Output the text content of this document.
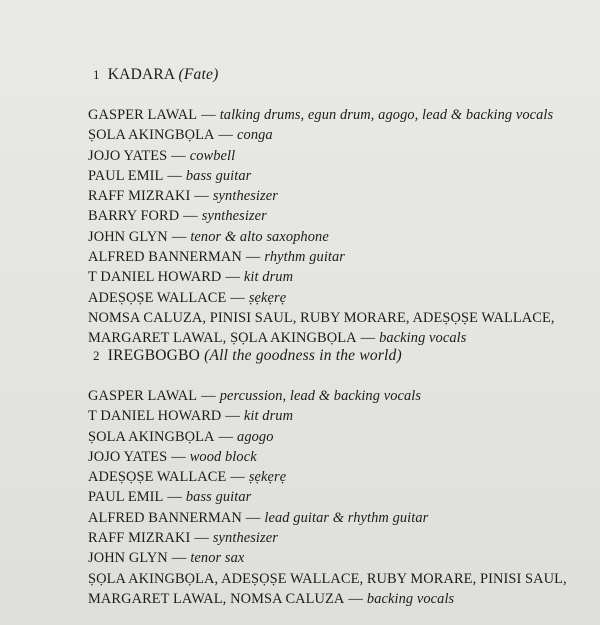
1 KADARA (Fate)
GASPER LAWAL — talking drums, egun drum, agogo, lead & backing vocals
ṢOLA AKINGBỌLA — conga
JOJO YATES — cowbell
PAUL EMIL — bass guitar
RAFF MIZRAKI — synthesizer
BARRY FORD — synthesizer
JOHN GLYN — tenor & alto saxophone
ALFRED BANNERMAN — rhythm guitar
T DANIEL HOWARD — kit drum
ADEṢỌṢE WALLACE — ṣẹkẹrẹ
NOMSA CALUZA, PINISI SAUL, RUBY MORARE, ADEṢỌṢE WALLACE,
MARGARET LAWAL, ṢỌLA AKINGBỌLA — backing vocals
2 IREGBOGBO (All the goodness in the world)
GASPER LAWAL — percussion, lead & backing vocals
T DANIEL HOWARD — kit drum
ṢOLA AKINGBỌLA — agogo
JOJO YATES — wood block
ADEṢỌṢE WALLACE — ṣẹkẹrẹ
PAUL EMIL — bass guitar
ALFRED BANNERMAN — lead guitar & rhythm guitar
RAFF MIZRAKI — synthesizer
JOHN GLYN — tenor sax
ṢỌLA AKINGBỌLA, ADEṢỌṢE WALLACE, RUBY MORARE, PINISI SAUL,
MARGARET LAWAL, NOMSA CALUZA — backing vocals
